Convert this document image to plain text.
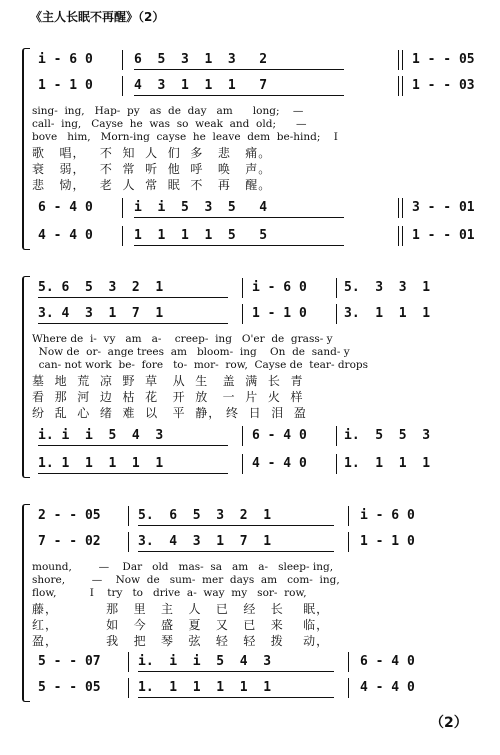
《主人长眠不再醒》（2）
i - 6 0	6  5  3  1  3   2	1 - - 05
1 - 1 0	4  3  1  1  1   7	1 - - 03
sing-  ing,   Hap-  py   as  de  day   am      long;    —
call-  ing,   Cayse  he  was  so  weak  and  old;      —
bove   him,   Morn-ing  cayse  he  leave  dem  be-hind;    I
歌   唱，   不  知  人  们  多   悲   痛。
衰   弱，   不  常  听  他  呼   唤   声。
悲   恸，   老  人  常  眠  不   再   醒。
6 - 4 0	i  i  5  3  5   4	3 - - 01
4 - 4 0	1  1  1  1  5   5	1 - - 01
5. 6  5  3  2  1	i - 6 0	5.  3  3  1
3. 4  3  1  7  1	1 - 1 0	3.  1  1  1
Where de  i-  vy   am   a-    creep-  ing   O'er  de  grass- y
Now de  or-  ange trees  am   bloom-  ing    On  de  sand- y
can- not work  be-  fore   to-  mor-  row,  Cayse de  tear- drops
墓  地  荒  凉  野  草   从  生   盖  满  长  青
看  那  河  边  枯  花   开  放   一  片  火  样
纷  乱  心  绪  难  以   平  静， 终  日  泪  盈
i. i  i  5  4  3	6 - 4 0	i.  5  5  3
1. 1  1  1  1  1	4 - 4 0	1.  1  1  1
2 - - 05	5.  6  5  3  2  1	i - 6 0
7 - - 02	3.  4  3  1  7  1	1 - 1 0
mound,        —    Dar   old   mas-  sa   am   a-   sleep- ing,
shore,        —    Now  de   sum-  mer  days  am   com-  ing,
flow,          I    try   to   drive  a-  way  my   sor-  row,
藤，          那   里   主   人   已   经   长    眠，
红，          如   今   盛   夏   又   已   来    临，
盈，          我   把   琴   弦   轻   轻   拨    动，
5 - - 07	i.  i  i  5  4  3	6 - 4 0
5 - - 05	1.  1  1  1  1  1	4 - 4 0
（2）
